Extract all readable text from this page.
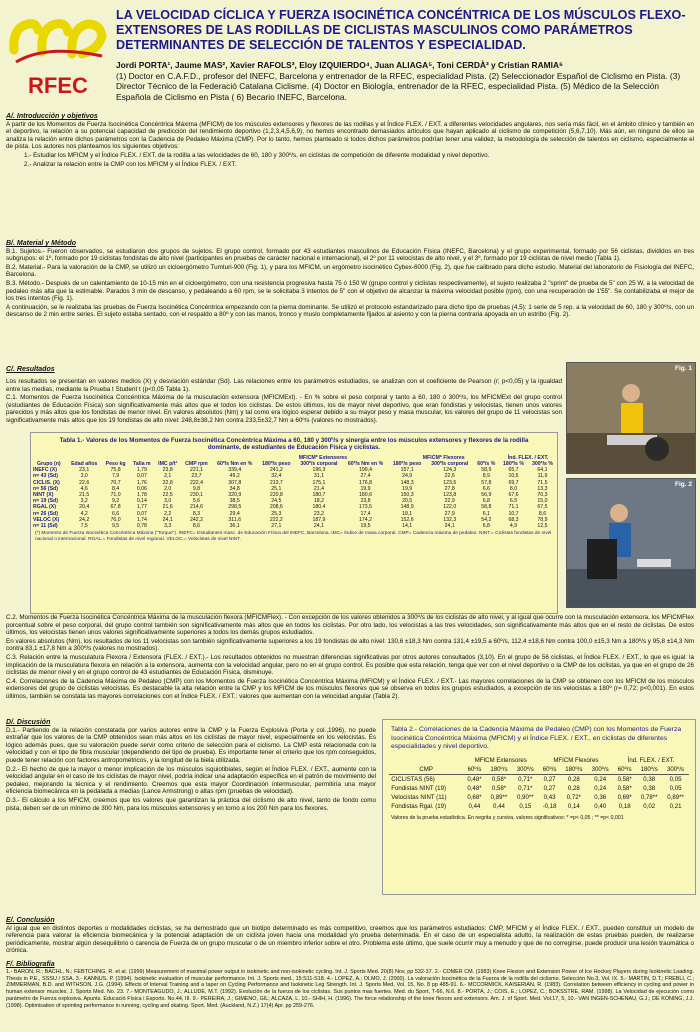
RFEC
LA VELOCIDAD CÍCLICA Y FUERZA ISOCINÉTICA CONCÉNTRICA DE LOS MÚSCULOS FLEXO-EXTENSORES DE LAS RODILLAS DE CICLISTAS MASCULINOS COMO PARÁMETROS DETERMINANTES DE SELECCIÓN DE TALENTOS Y ESPECIALIDAD.
Jordi PORTA¹, Jaume MAS², Xavier RAFOLS³, Eloy IZQUIERDO⁴, Juan ALIAGA⁵, Toni CERDÀ² y Cristian RAMIA⁶
(1) Doctor en C.A.F.D., profesor del INEFC, Barcelona y entrenador de la RFEC, especialidad Pista. (2) Seleccionador Español de Ciclismo en Pista. (3) Director Técnico de la Federació Catalana Ciclisme. (4) Doctor en Biología, entrenador de la RFEC, especialidad Pista. (5) Médico de la Selección Española de Ciclismo en Pista ( 6) Becario INEFC, Barcelona.
A/. Introducción y objetivos

A partir de los Momentos de Fuerza Isocinética Concéntrica Máxima (MFICM) de los músculos extensores y flexores de las rodillas y el Índice FLEX. / EXT. a diferentes velocidades angulares, nos sería más fácil, en el ámbito clínico y también en el deportivo, la relación a su potencial capacidad de predicción del rendimiento deportivo (1,2,3,4,5,6,9), no hemos encontrado demasiados artículos que hayan aplicado al ciclismo de competición (5,6,7,10). Más aún, en ninguno de ellos se analiza la relación entre dichos parámetros con la Cadencia de Pedaleo Máxima (CMP). Por lo tanto, hemos planteado si todos dichos parámetros podrían tener una validez, la metodología de selección de talentos en ciclismo, especialmente el de pista. Los autores nos planteamos los siguientes objetivos:

1.- Estudiar los MFICM y el Índice FLEX. / EXT. de la rodilla a las velocidades de 60, 180 y 300º/s, en ciclistas de competición de diferente modalidad y nivel deportivo.

2.- Analizar la relación entre la CMP con los MFICM y el Índice FLEX. / EXT.

B/. Material y Método

B.1. Sujetos.- Fueron observados, se estudiaron dos grupos de sujetos. El grupo control, formado por 43 estudiantes masculinos de Educación Física (INEFC, Barcelona) y el grupo experimental, formado por 56 ciclistas, divididos en tres subgrupos: el 1º, formado por 19 ciclistas fondistas de alto nivel (participantes en pruebas de carácter nacional e internacional), el 2º por 11 velocistas de alto nivel, y el 3º, formado por 19 ciclistas de nivel medio (Tabla 1).

B.2. Material.- Para la valoración de la CMP, se utilizó un cicloergómetro Tumturi-900 (Fig. 1), y para los MFICM, un ergómetro isocinético Cybex-6000 (Fig. 2), que fue calibrado para dicho estudio. Material del laboratorio de Fisiología del INEFC, Barcelona.

B.3. Método.- Después de un calentamiento de 10-15 min en el cicloergómetro, con una resistencia progresiva hasta 75 ó 150 W (grupo control y ciclistas respectivamente), el sujeto realizaba 2 "sprint" de prueba de 5" con 25 W, a la velocidad de pedaleo más alta que la estimable. Parados 3 min de descanso, y pedaleando a 60 rpm, se le solicitaba 3 intentos de 5" con el objetivo de alcanzar la máxima velocidad posible (rpm), con una recuperación de 1'55". Se contabilizaba el mejor de los tres intentos (Fig. 1).

A continuación, se le realizaba las pruebas de Fuerza Isocinética Concéntrica empezando con la pierna dominante. Se utilizó el protocolo estandarizado para dicho tipo de pruebas (4,5): 1 serie de 5 rep. a la velocidad de 60, 180 y 300º/s, con un descanso de 2 min entre series. El sujeto estaba sentado, con el respaldo a 80º y con las manos, tronco y muslo completamente fijados al asiento y con la pierna contraria apoyada en un estribo (Fig. 2).

C/. Resultados

Los resultados se presentan en valores medios (X) y desviación estándar (Sd). Las relaciones entre los parámetros estudiados, se analizan con el coeficiente de Pearson (r; p<0,05) y la igualdad entre las medias, mediante la Prueba t Student t (p<0,05 Tabla 1).

C.1. Momentos de Fuerza Isocinética Concéntrica Máxima de la musculación extensora (MFICMExt). - En % sobre el peso corporal y tanto a 60, 180 ó 300º/s, los MFICMExt del grupo control (estudiantes de Educación Física) son significativamente más altos que el todos los ciclistas. De estos últimos, los de mayor nivel deportivo, que eran fondistas y velocistas, tienen unos valores parecidos y más altos que los fondistas de menor nivel. En valores absolutos (Nm) y tal como era lógico esperar debido a su mayor peso y masa muscular, los valores del grupo de 11 velocistas son significativamente más altos que los 19 fondistas de alto nivel: 248,8±38,2 Nm contra 233,5±32,7 Nm a 60º/s (valores no mostrados).

Fig. 1
Fig. 2
Tabla 1.- Valores de los Momentos de Fuerza Isocinética Concéntrica Máxima a 60, 180 y 300º/s y sinergia entre los músculos extensores y flexores de la rodilla dominante, de estudiantes de Educación Física y ciclistas.
							MFICM* Extensores			MFICM* Flexores			Índ. FLEX. / EXT.	
Grupo (n)	Edad años	Peso kg	Talla m	IMC p/t²	CMP rpm	60º/s Nm en %	180º/s peso	300º/s corporal	60º/s Nm en %	180º/s peso	300º/s corporal	60º/s %	180º/s %	300º/s %
INEFC (X)	23,1	75,8	1,79	23,8	221,1	339,4	241,2	196,3	199,4	157,1	124,3	58,9	65,7	64,1
n= 43 (Sd)	3,0	7,9	0,07	2,1	23,7	49,2	32,4	31,1	27,4	24,9	22,6	8,9	10,5	11,9
CICLIS. (X)	22,6	70,7	1,76	22,8	222,4	307,8	213,7	175,1	176,8	148,3	123,5	57,8	69,7	71,5
n= 56 (Sd)	4,6	8,4	0,06	2,0	9,8	34,8	25,1	21,4	19,9	19,9	27,8	6,6	8,0	13,3
NINT (X)	21,5	71,0	1,78	22,5	230,1	320,9	220,8	180,7	180,6	150,3	123,8	56,9	67,6	70,3
n= 19 (Sd)	3,2	9,2	0,14	3,0	5,6	38,5	24,5	18,2	23,8	20,5	22,9	6,8	6,5	15,0
RGAL (X)	20,4	67,8	1,77	21,6	214,6	298,5	208,6	180,4	173,5	148,9	122,0	58,8	71,1	67,5
n= 26 (Sd)	4,2	6,6	0,07	2,2	8,3	29,4	25,3	23,2	17,4	18,1	27,9	6,1	10,7	8,6
VELOC (X)	24,2	76,0	1,74	24,1	242,2	311,6	222,2	187,9	174,2	152,6	132,3	54,2	68,3	78,9
n= 11 (Sd)	7,5	9,5	0,78	3,3	8,6	36,1	27,1	24,1	19,5	14,1	24,1	6,8	4,9	12,5
(*) Momento de Fuerza Isocinética Concéntrica Máxima ("Torque"). INEFC= Estudiantes masc. de Educación Física del INEFC, Barcelona. IMC= Índice de masa corporal. CMP= Cadencia máxima de pedaleo. NINT.= Ciclistas fondistas de nivel nacional o internacional. RGAL.= Fondistas de nivel regional. VELOC.= Velocistas de nivel NINT.

C.2. Momentos de Fuerza Isocinética Concéntrica Máxima de la musculación flexora (MFICMFlex). - Con excepción de los valores obtenidos a 300º/s de los ciclistas de alto nivel, y al igual que ocurre con la musculación extensora, los MFICMFlex porcentual sobre el peso corporal, del grupo control también son significativamente más altos que en todos los ciclistas. Por otro lado, los velocistas a las tres velocidades, son significativamente más altos que en el resto de ciclistas. De estos últimos, los velocistas tienen unos valores significativamente superiores a todos los demás grupos estudiados.

En valores absolutos (Nm), los resultados de los 11 velocistas son también significativamente superiores a los 19 fondistas de alto nivel: 130,6 ±18,3 Nm contra 131,4 ±19,5 a 60º/s, 112,4 ±18,6 Nm contra 100,0 ±15,3 Nm a 180º/s y 95,8 ±14,3 Nm contra 83,1 ±17,8 Nm a 300º/s (valores no mostrados).

C.3. Relación entre la musculatura Flexora / Extensora (FLEX. / EXT.).- Los resultados obtenidos no muestran diferencias significativas por otros autores consultados (3,10). En el grupo de 56 ciclistas, el Índice FLEX. / EXT., lo que es igual: la implicación de la musculatura flexora en relación a la extensora, aumenta con la velocidad angular, pero no en el grupo control. Es posible que esta relación, tenga que ver con el nivel deportivo o la CMP de los ciclistas, ya que en el grupo de 26 ciclistas de menor nivel y en el grupo control de 43 estudiantes de Educación Física, disminuye.

C.4. Correlaciones de la Cadencia Máxima de Pedaleo (CMP) con los Momentos de Fuerza Isocinética Concéntrica Máxima (MFICM) y el Índice FLEX. / EXT.- Las mayores correlaciones de la CMP se obtienen con los MFICM de los músculos extensores del grupo de ciclistas velocistas. Es destacable la alta relación entre la CMP y los MFICM de los músculos flexores que se observa en todos los grupos estudiados, a excepción de los velocistas a 180º (r= 0,72; p<0,001). En estos últimos, también se constata las mayores correlaciones con el Índice FLEX. / EXT.: valores que aumentan con la velocidad angular (Tabla 2).

D/. Discusión

D.1.- Partiendo de la relación constatada por varios autores entre la CMP y la Fuerza Explosiva (Porta y col.,1996), no puede extrañar que los valores de la CMP obtenidos sean más altos en los ciclistas de mayor nivel, especialmente en los velocistas. Es lógico además pues, que su valoración puede servir como criterio de selección para el ciclismo. La CMP está relacionada con la velocidad y con el tipo de fibra muscular (dependiendo del tipo de prueba). Es importante tener el criterio que los rpm conseguidos, puede tener relación con factores antropométricos, y la longitud de la biela utilizada.

D.2.- El hecho de que la mayor o menor implicación de los músculos isquiotibiales, según el Índice FLEX. / EXT., aumente con la velocidad angular en el caso de los ciclistas de mayor nivel, podría indicar una adaptación específica en el patrón de movimiento del pedaleo, mejorando la técnica y el rendimiento. Creemos que esta mayor Coordinación intermuscular, permitiría una mayor eficiencia biomecánica en la pedalada a medias (Lance Armstrong) o altas rpm (pruebas de velocidad).

D.3.- El cálculo a los MFICM, creemos que los valores que garantizan la práctica del ciclismo de alto nivel, tanto de fondo como pista, deben ser de un mínimo de 300 Nm, para los músculos extensores y en torno a los 200 Nm para los flexores.

Tabla 2.- Correlaciones de la Cadencia Máxima de Pedaleo (CMP) con los Momentos de Fuerza Isocinética Concéntrica Máxima (MFICM) y el Índice FLEX. / EXT., en ciclistas de diferentes especialidades y nivel deportivo.
	MFICM Extensores			MFICM Flexores			Índ. FLEX. / EXT.		
CMP	60º/s	180º/s	300º/s	60º/s	180º/s	300º/s	60º/s	180º/s	300º/s
CICLISTAS (56)	0,48*	0,58*	0,71*	0,27	0,28	0,24	0,58*	0,38	0,05
Fondistas NINT (19)	0,48*	0,58*	0,71*	0,27	0,28	0,24	0,58*	0,38	0,05
Velocistas NINT (11)	0,68*	0,89**	0,90**	0,43	0,72*	0,36	0,69*	0,78**	0,89**
Fondistas Rgal. (19)	0,44	0,44	0,15	-0,18	0,14	0,40	0,18	0,02	0,21
Valores de la prueba estadística. En negrita y cursiva, valores significativos: * =p< 0,05 ; ** =p< 0,001
E/. Conclusión

Al igual que en distintos deportes o modalidades ciclistas, se ha demostrado que un biotipo determinado es más competitivo, creemos que los parámetros estudiados: CMP, MFICM y el Índice FLEX. / EXT., pueden constituir un modelo de referencia para valorar la eficiencia biomecánica y la potencial adaptación de un ciclista joven hacia una modalidad y/o prueba determinada. En el caso de un especialista adulto, la realización de estas pruebas pueden, de realizarse periódicamente, mostrar algún desequilibrio o carencia de Fuerza de un grupo muscular o de un miembro inferior sobre el otro. Problema este último, que suele ocurrir muy a menudo y que de no corregirse, puede producir una lesión traumática o crónica.

F/. Bibliografía

1.- BARON, R.; BACHL, N.; FEBTCHING, R. et al. (1999) Measurement of maximal power output in isokinetic and non-isokinetic cycling. Int. J. Sports Med. 20(8) Nov, pp 532-37. 2.- COMER CM. (1983) Knee Flexion and Extension Power of Ice Hockey Players during Isokinetic Loading. Thesis in P.E., SSSU / SSA. 3.- KANNUS, P. (1994). Isokinetic evaluation of muscular performance. Int. J. Sports med., 15:S11-S18. 4.- LOPEZ, A.; OLMO, J. (2000). La valoración Isocinética de la Fuerza de la rodilla del ciclismo. Selección No.3, Vol. IX. 5.- MARTIN, D.T.; FREBLI, C.; ZIMMERMAN, B.D. and WITHSON, J.G. (1994). Effects of Interval Training and a taper on Cycling Performance and Isokinetic Leg Strength. Int. J. Sports Med, Vol. 15, No. 8 pp 485-91. 6.- MCCORMICK, KAISERIAN, R. (1983). Correlation between efficiency in cycling and power in human extensor muscles. J. Sports Med. No. 23. 7.- MONTEAGUDO, J.; ALLUDE, M.T. (1992). Evolución de la fuerza de los ciclistas. Sus puntos mas fuertes. Med. du Sport, T-66, N.6. 8.- PORTA, J.; COIS, E.; LOPEZ, C.; BOKSSTRE, RAM. (1998). La Velocidad de ejecución como parámetro de Fuerza explosiva. Apunts. Educació Física i Esports. No.44, III. 9.- PEREIRA, J.; GIMENO, GIL; ALCAZA, L. 10.- SHIH, H. (1996). The force relationship of the knee flexors and extensors. Am. J. of Sport. Med. Vol.17, 5, 10.- VAN INGEN-SCHENAU, G.J.; DE KONING, J.J. (1998). Optimisation of sprinting performance in running, cycling and skating. Sport. Med. (Auckland, N.Z.) 17(4) Apr. pp 259-276.
